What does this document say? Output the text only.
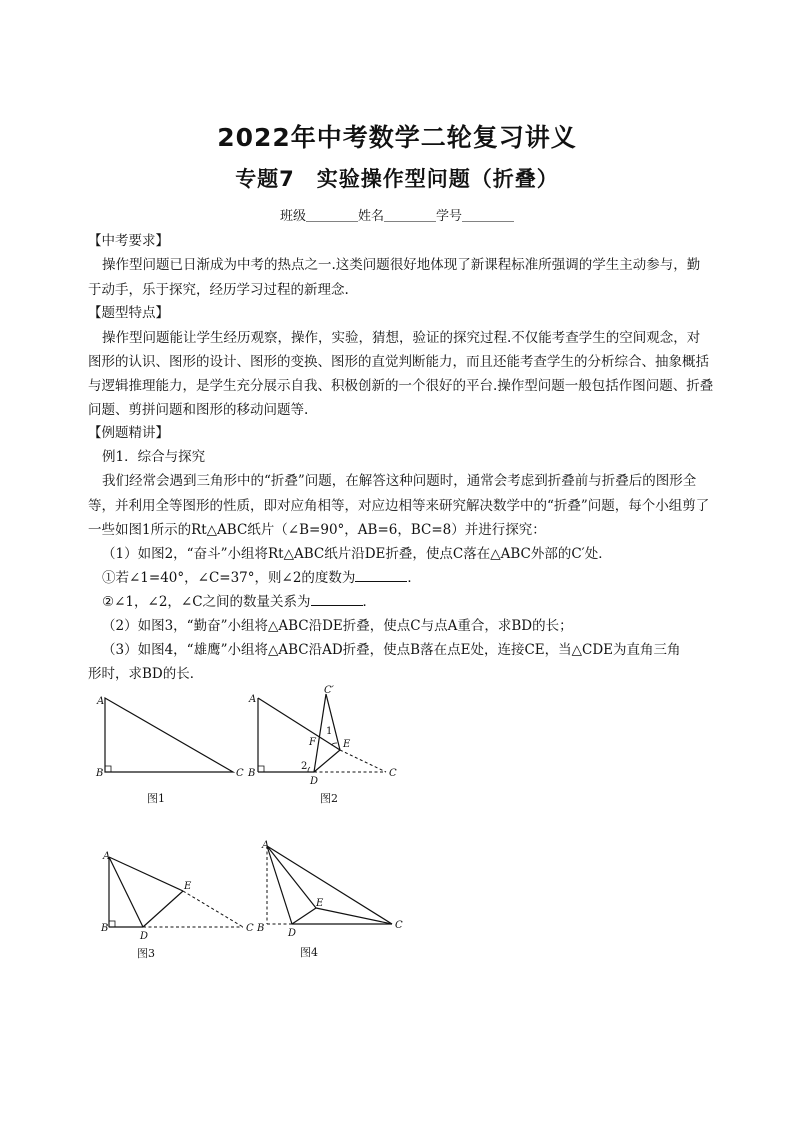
2022年中考数学二轮复习讲义
专题7　实验操作型问题（折叠）
班级＿＿＿＿姓名＿＿＿＿学号＿＿＿＿
【中考要求】
操作型问题已日渐成为中考的热点之一.这类问题很好地体现了新课程标准所强调的学生主动参与，勤
于动手，乐于探究，经历学习过程的新理念.
【题型特点】
操作型问题能让学生经历观察，操作，实验，猜想，验证的探究过程.不仅能考查学生的空间观念，对
图形的认识、图形的设计、图形的变换、图形的直觉判断能力，而且还能考查学生的分析综合、抽象概括
与逻辑推理能力，是学生充分展示自我、积极创新的一个很好的平台.操作型问题一般包括作图问题、折叠
问题、剪拼问题和图形的移动问题等.
【例题精讲】
例1．综合与探究
我们经常会遇到三角形中的“折叠”问题，在解答这种问题时，通常会考虑到折叠前与折叠后的图形全
等，并利用全等图形的性质，即对应角相等，对应边相等来研究解决数学中的“折叠”问题，每个小组剪了
一些如图1所示的Rt△ABC纸片（∠B=90°，AB=6，BC=8）并进行探究：
（1）如图2，“奋斗”小组将Rt△ABC纸片沿DE折叠，使点C落在△ABC外部的C′处．
①若∠1=40°，∠C=37°，则∠2的度数为	．
②∠1，∠2，∠C之间的数量关系为	．
（2）如图3，“勤奋”小组将△ABC沿DE折叠，使点C与点A重合，求BD的长；
（3）如图4，“雄鹰”小组将△ABC沿AD折叠，使点B落在点E处，连接CE，当△CDE为直角三角
形时，求BD的长．
A
B	C
图1
A
B	C
C′
D
E
F
1
2
图2
A
B	C
D
E
图3
A
B	C
D
E
图4
